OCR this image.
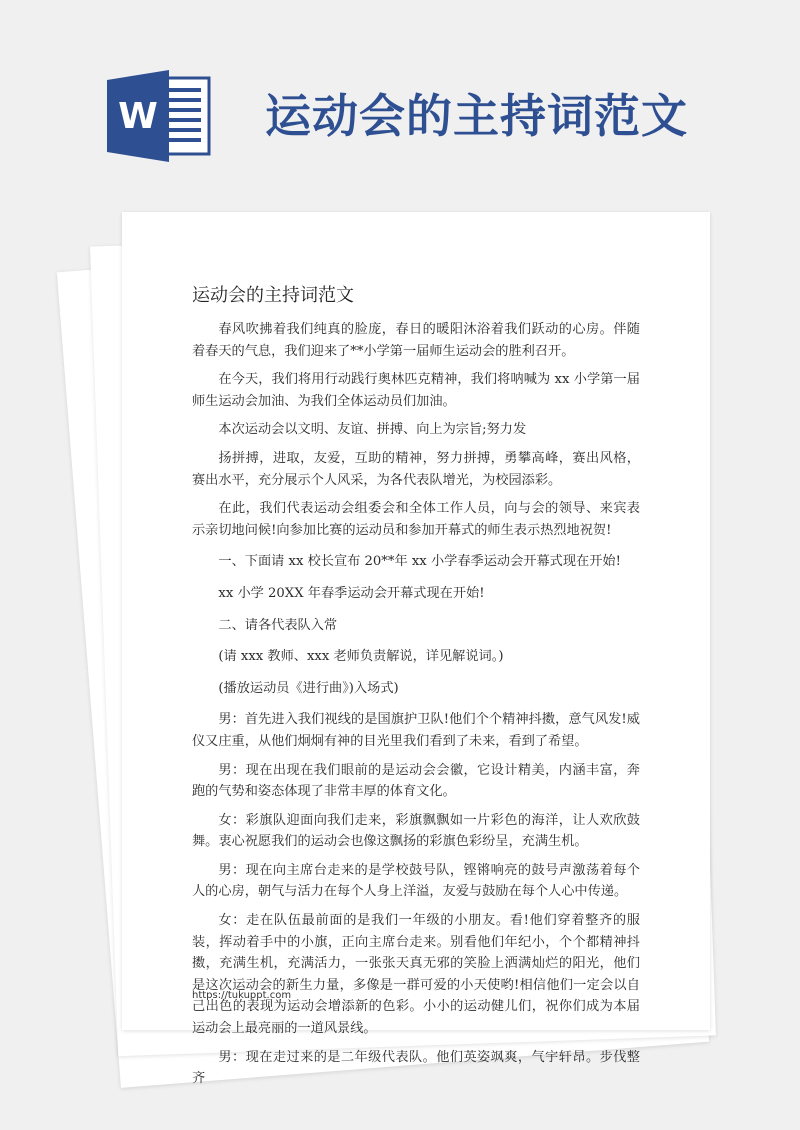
W 运动会的主持词范文
运动会的主持词范文

春风吹拂着我们纯真的脸庞，春日的暖阳沐浴着我们跃动的心房。伴随着春天的气息，我们迎来了**小学第一届师生运动会的胜利召开。

在今天，我们将用行动践行奥林匹克精神，我们将呐喊为 xx 小学第一届师生运动会加油、为我们全体运动员们加油。

本次运动会以文明、友谊、拼搏、向上为宗旨;努力发

扬拼搏，进取，友爱，互助的精神，努力拼搏，勇攀高峰，赛出风格，赛出水平，充分展示个人风采，为各代表队增光，为校园添彩。

在此，我们代表运动会组委会和全体工作人员，向与会的领导、来宾表示亲切地问候!向参加比赛的运动员和参加开幕式的师生表示热烈地祝贺!

一、下面请 xx 校长宣布 20**年 xx 小学春季运动会开幕式现在开始!

xx 小学 20XX 年春季运动会开幕式现在开始!

二、请各代表队入常

(请 xxx 教师、xxx 老师负责解说，详见解说词。)

(播放运动员《进行曲》)入场式)

男：首先进入我们视线的是国旗护卫队!他们个个精神抖擞，意气风发!威仪又庄重，从他们炯炯有神的目光里我们看到了未来，看到了希望。

男：现在出现在我们眼前的是运动会会徽，它设计精美，内涵丰富，奔跑的气势和姿态体现了非常丰厚的体育文化。

女：彩旗队迎面向我们走来，彩旗飘飘如一片彩色的海洋，让人欢欣鼓舞。衷心祝愿我们的运动会也像这飘扬的彩旗色彩纷呈，充满生机。

男：现在向主席台走来的是学校鼓号队，铿锵响亮的鼓号声激荡着每个人的心房，朝气与活力在每个人身上洋溢，友爱与鼓励在每个人心中传递。

女：走在队伍最前面的是我们一年级的小朋友。看!他们穿着整齐的服装，挥动着手中的小旗，正向主席台走来。别看他们年纪小，个个都精神抖擞，充满生机，充满活力，一张张天真无邪的笑脸上洒满灿烂的阳光，他们是这次运动会的新生力量，多像是一群可爱的小天使哟!相信他们一定会以自己出色的表现为运动会增添新的色彩。小小的运动健儿们，祝你们成为本届运动会上最亮丽的一道风景线。

男：现在走过来的是二年级代表队。他们英姿飒爽，气宇轩昂。步伐整齐

https://tukuppt.com
